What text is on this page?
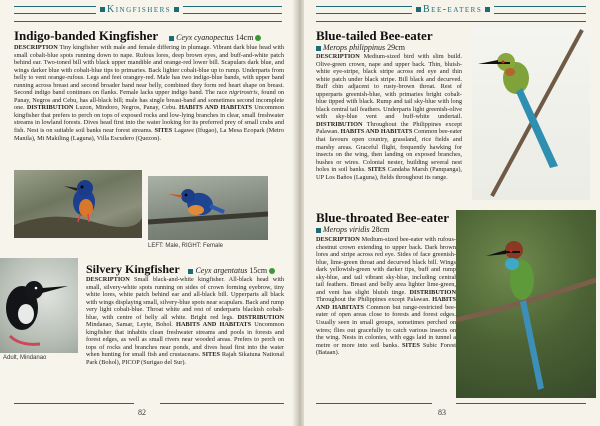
Kingfishers
Indigo-banded Kingfisher Ceyx cyanopectus 14cm
DESCRIPTION Tiny kingfisher with male and female differing in plumage. Vibrant dark blue head with small cobalt-blue spots running down to nape. Rufous lores, deep brown eyes, and buff-and-white patch behind ear. Two-toned bill with black upper mandible and orange-red lower bill. Scapulars dark blue, and wings darker blue with cobalt-blue tips to primaries. Back lighter cobalt-blue up to rump. Underparts from belly to vent orange-rufous. Legs and feet orangey-red. Male has two indigo-blue bands, with upper band running across breast and second broader band near belly, combined they form red heart shape on breast. Second indigo band continues on flanks. Female lacks upper indigo band. The race nigrirostris, found on Panay, Negros and Cebu, has all-black bill; male has single breast-band and sometimes second incomplete one. DISTRIBUTION Luzon, Mindoro, Negros, Panay, Cebu. HABITS AND HABITATS Uncommon kingfisher that prefers to perch on tops of exposed rocks and low-lying branches in clear, small freshwater streams in lowland forests. Dives head first into the water looking for its preferred prey of small crabs and fish. Nest is on suitable soil banks near forest streams. SITES Lagawe (Ifugao), La Mesa Ecopark (Metro Manila), Mt Makiling (Laguna), Villa Escudero (Quezon).
LEFT: Male, RIGHT: Female
Adult, Mindanao
Silvery Kingfisher Ceyx argentatus 15cm
DESCRIPTION Small black-and-white kingfisher. All-black head with small, silvery-white spots running on sides of crown forming eyebrow, tiny white lores, white patch behind ear and all-black bill. Upperparts all black with wings displaying small, silvery-blue spots near scapulars. Back and rump very light cobalt-blue. Throat white and rest of underparts blackish cobalt-blue, with centre of belly all white. Bright red legs. DISTRIBUTION Mindanao, Samar, Leyte, Bohol. HABITS AND HABITATS Uncommon kingfisher that inhabits clean freshwater streams and pools in forests and forest edges, as well as small rivers near wooded areas. Prefers to perch on tops of rocks and branches near ponds, and dives head first into the water when hunting for small fish and crustaceans. SITES Rajah Sikatuna National Park (Bohol), PICOP (Surigao del Sur).
82
Bee-eaters
Blue-tailed Bee-eater
Merops philippinus 29cm
DESCRIPTION Medium-sized bird with slim build. Olive-green crown, nape and upper back. Thin, bluish-white eye-stripe, black stripe across red eye and thin white patch under black stripe. Bill black and decurved. Buff chin adjacent to rusty-brown throat. Rest of upperparts greenish-blue, with primaries bright cobalt-blue tipped with black. Rump and tail sky-blue with long black central tail feathers. Underparts light greenish-olive with sky-blue vent and buff-white undertail. DISTRIBUTION Throughout the Philippines except Palawan. HABITS AND HABITATS Common bee-eater that favours open country, grassland, rice fields and marshy areas. Graceful flight, frequently hawking for insects on the wing, then landing on exposed branches, bushes or wires. Colonial nester, building several nest holes in soil banks. SITES Candaba Marsh (Pampanga), UP Los Baños (Laguna), fields throughout its range.
Blue-throated Bee-eater
Merops viridis 28cm
DESCRIPTION Medium-sized bee-eater with rufous-chestnut crown extending to upper back. Dark brown lores and stripe across red eye. Sides of face greenish-blue, lime-green throat and decurved black bill. Wings dark yellowish-green with darker tips, buff and rump sky-blue, and tail vibrant sky-blue, including central tail feathers. Breast and belly area lighter lime-green, and vent has slight bluish tinge. DISTRIBUTION Throughout the Philippines except Palawan. HABITS AND HABITATS Common but range-restricted bee-eater of open areas close to forests and forest edges. Usually seen in small groups, sometimes perched on wires; flies out gracefully to catch various insects on the wing. Nests in colonies, with eggs laid in tunnel a metre or more into soil banks. SITES Subic Forest (Bataan).
83
